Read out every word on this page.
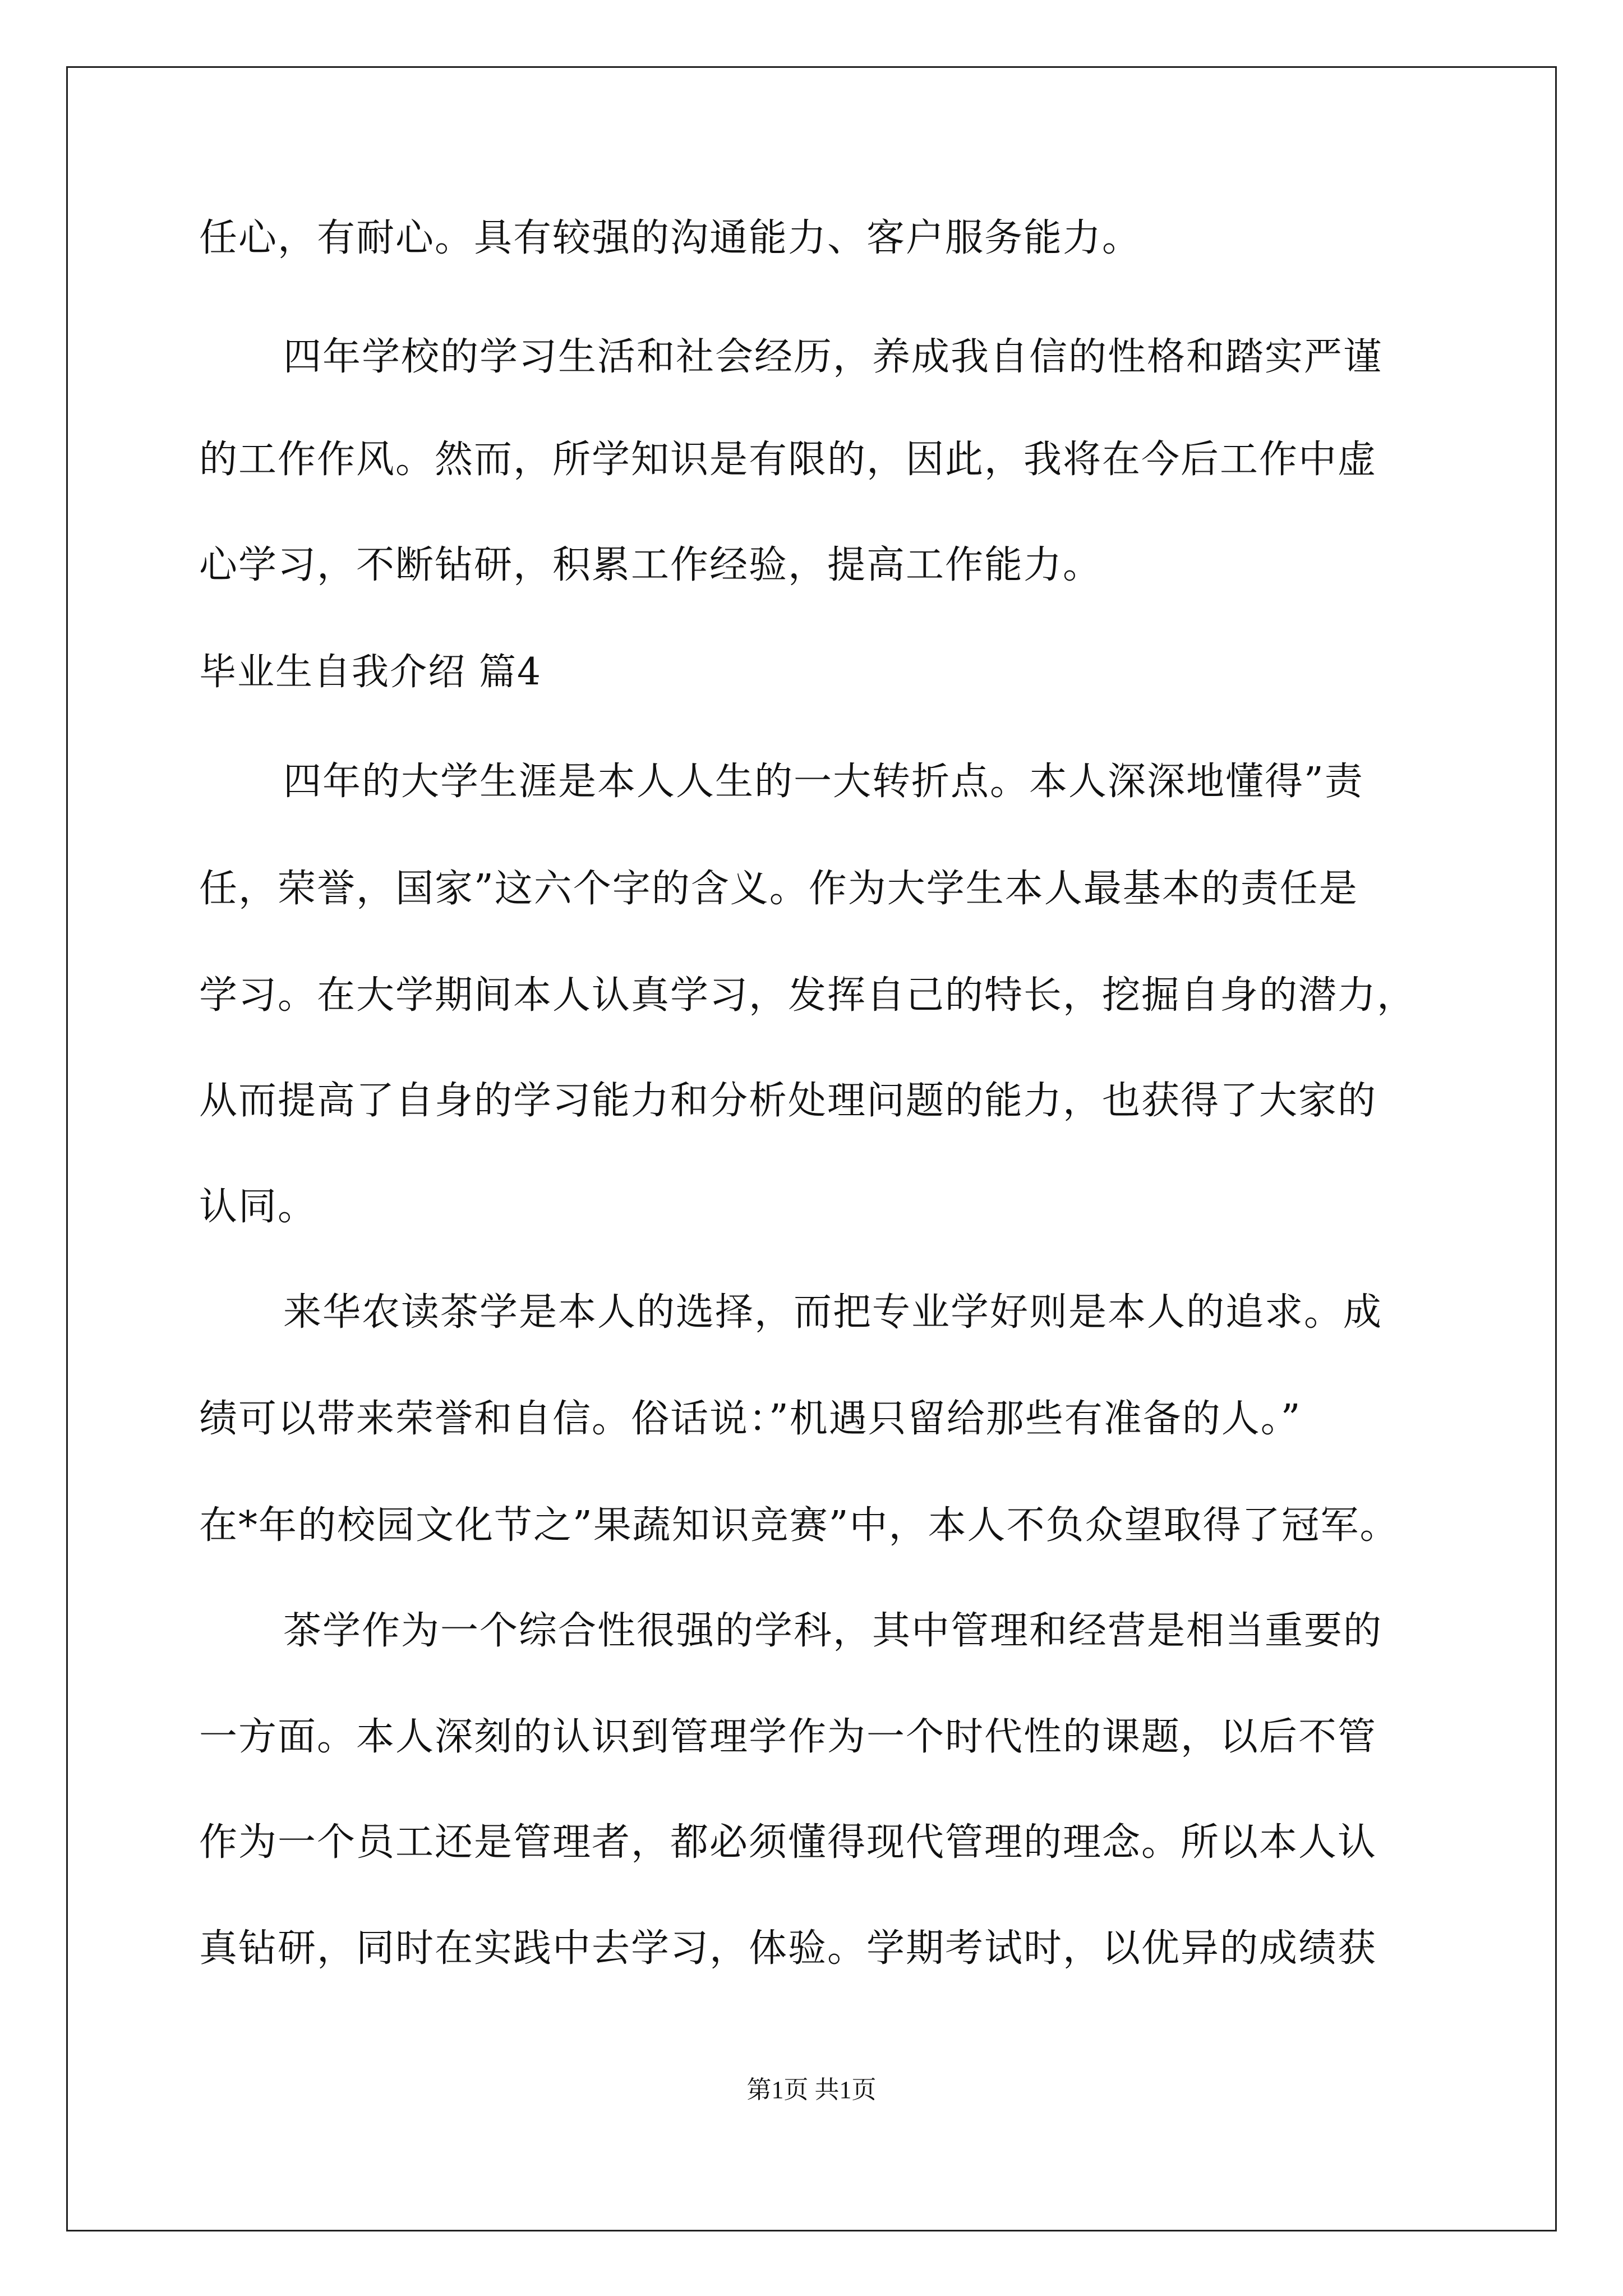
任心，有耐心。具有较强的沟通能力、客户服务能力。
四年学校的学习生活和社会经历，养成我自信的性格和踏实严谨
的工作作风。然而，所学知识是有限的，因此，我将在今后工作中虚
心学习，不断钻研，积累工作经验，提高工作能力。
毕业生自我介绍 篇4
四年的大学生涯是本人人生的一大转折点。本人深深地懂得”责
任，荣誉，国家”这六个字的含义。作为大学生本人最基本的责任是
学习。在大学期间本人认真学习，发挥自己的特长，挖掘自身的潜力，
从而提高了自身的学习能力和分析处理问题的能力，也获得了大家的
认同。
来华农读茶学是本人的选择，而把专业学好则是本人的追求。成
绩可以带来荣誉和自信。俗话说：”机遇只留给那些有准备的人。”
在*年的校园文化节之”果蔬知识竞赛”中，本人不负众望取得了冠军。
茶学作为一个综合性很强的学科，其中管理和经营是相当重要的
一方面。本人深刻的认识到管理学作为一个时代性的课题，以后不管
作为一个员工还是管理者，都必须懂得现代管理的理念。所以本人认
真钻研，同时在实践中去学习，体验。学期考试时，以优异的成绩获
第1页 共1页
